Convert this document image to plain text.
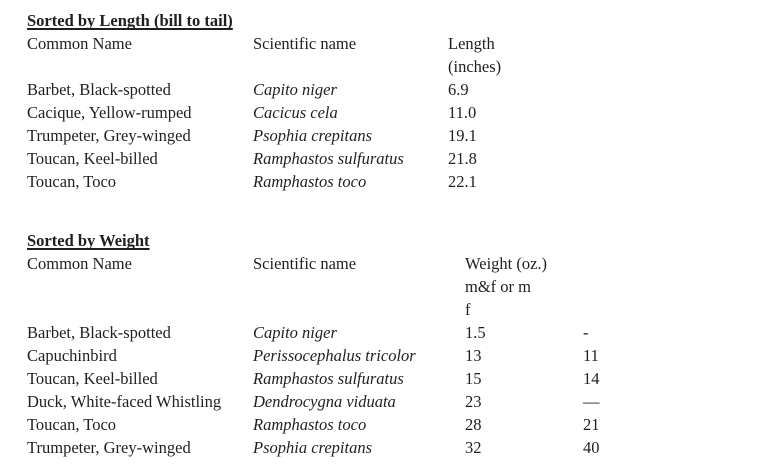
Sorted by Length (bill to tail)
Common Name	Scientific name	Length
(inches)
Barbet, Black-spotted	Capito niger	6.9
Cacique, Yellow-rumped	Cacicus cela	11.0
Trumpeter, Grey-winged	Psophia crepitans	19.1
Toucan, Keel-billed	Ramphastos sulfuratus	21.8
Toucan, Toco	Ramphastos toco	22.1
Sorted by Weight
Common Name	Scientific name	Weight (oz.)
m&f or m
f
Barbet, Black-spotted	Capito niger	1.5	-
Capuchinbird	Perissocephalus tricolor	13	11
Toucan, Keel-billed	Ramphastos sulfuratus	15	14
Duck, White-faced Whistling	Dendrocygna viduata	23	—
Toucan, Toco	Ramphastos toco	28	21
Trumpeter, Grey-winged	Psophia crepitans	32	40
